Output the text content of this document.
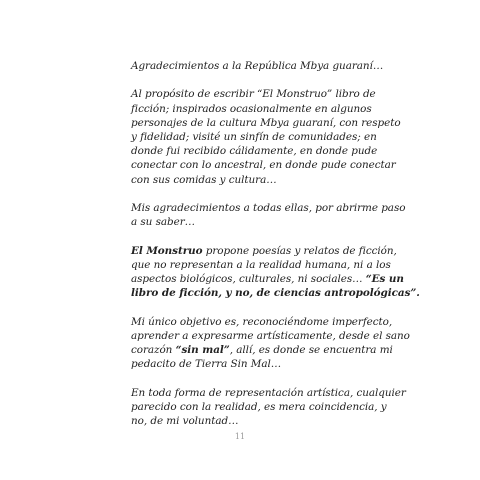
Agradecimientos a la República Mbya guaraní…

Al propósito de escribir “El Monstruo” libro de
ficción; inspirados ocasionalmente en algunos
personajes de la cultura Mbya guaraní, con respeto
y fidelidad; visité un sinfín de comunidades; en
donde fui recibido cálidamente, en donde pude
conectar con lo ancestral, en donde pude conectar
con sus comidas y cultura…

Mis agradecimientos a todas ellas, por abrirme paso
a su saber…

El Monstruo propone poesías y relatos de ficción,
que no representan a la realidad humana, ni a los
aspectos biológicos, culturales, ni sociales… “Es un
libro de ficción, y no, de ciencias antropológicas”.

Mi único objetivo es, reconociéndome imperfecto,
aprender a expresarme artísticamente, desde el sano
corazón “sin mal”, allí, es donde se encuentra mi
pedacito de Tierra Sin Mal…

En toda forma de representación artística, cualquier
parecido con la realidad, es mera coincidencia, y
no, de mi voluntad…

11
